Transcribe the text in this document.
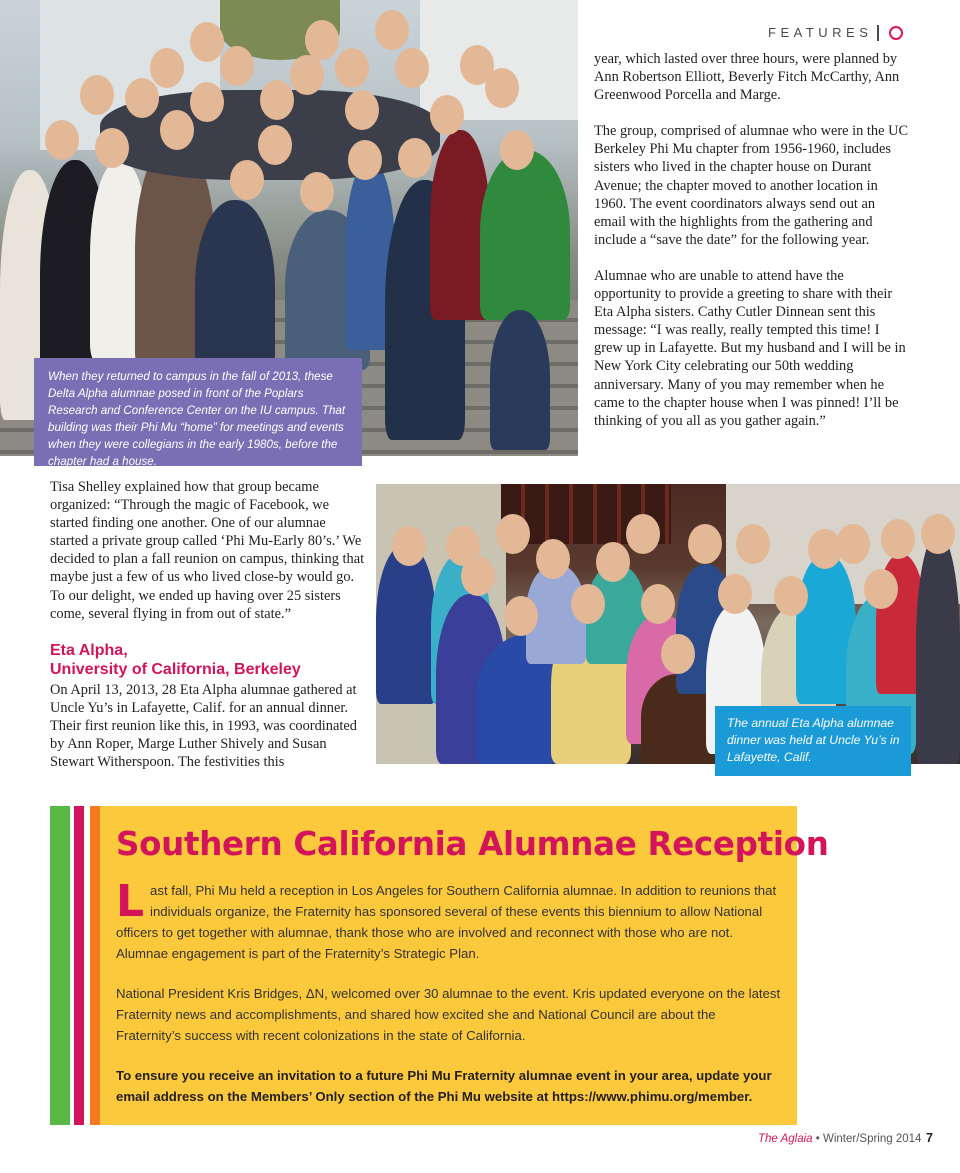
When they returned to campus in the fall of 2013, these Delta Alpha alumnae posed in front of the Poplars Research and Conference Center on the IU campus. That building was their Phi Mu “home” for meetings and events when they were collegians in the early 1980s, before the chapter had a house.
FEATURES

year, which lasted over three hours, were planned by Ann Robertson Elliott, Beverly Fitch McCarthy, Ann Greenwood Porcella and Marge.

The group, comprised of alumnae who were in the UC Berkeley Phi Mu chapter from 1956-1960, includes sisters who lived in the chapter house on Durant Avenue; the chapter moved to another location in 1960. The event coordinators always send out an email with the highlights from the gathering and include a “save the date” for the following year.

Alumnae who are unable to attend have the opportunity to provide a greeting to share with their Eta Alpha sisters. Cathy Cutler Dinnean sent this message: “I was really, really tempted this time! I grew up in Lafayette. But my husband and I will be in New York City celebrating our 50th wedding anniversary. Many of you may remember when he came to the chapter house when I was pinned! I’ll be thinking of you all as you gather again.”

Tisa Shelley explained how that group became organized: “Through the magic of Facebook, we started finding one another. One of our alumnae started a private group called ‘Phi Mu-Early 80’s.’ We decided to plan a fall reunion on campus, thinking that maybe just a few of us who lived close-by would go. To our delight, we ended up having over 25 sisters come, several flying in from out of state.”

Eta Alpha,
University of California, Berkeley

On April 13, 2013, 28 Eta Alpha alumnae gathered at Uncle Yu’s in Lafayette, Calif. for an annual dinner. Their first reunion like this, in 1993, was coordinated by Ann Roper, Marge Luther Shively and Susan Stewart Witherspoon. The festivities this

The annual Eta Alpha alumnae dinner was held at Uncle Yu’s in Lafayette, Calif.
Southern California Alumnae Reception

Last fall, Phi Mu held a reception in Los Angeles for Southern California alumnae. In addition to reunions that individuals organize, the Fraternity has sponsored several of these events this biennium to allow National officers to get together with alumnae, thank those who are involved and reconnect with those who are not. Alumnae engagement is part of the Fraternity’s Strategic Plan.

National President Kris Bridges, ΔN, welcomed over 30 alumnae to the event. Kris updated everyone on the latest Fraternity news and accomplishments, and shared how excited she and National Council are about the Fraternity’s success with recent colonizations in the state of California.

To ensure you receive an invitation to a future Phi Mu Fraternity alumnae event in your area, update your email address on the Members’ Only section of the Phi Mu website at https://www.phimu.org/member.

The Aglaia • Winter/Spring 2014 7
